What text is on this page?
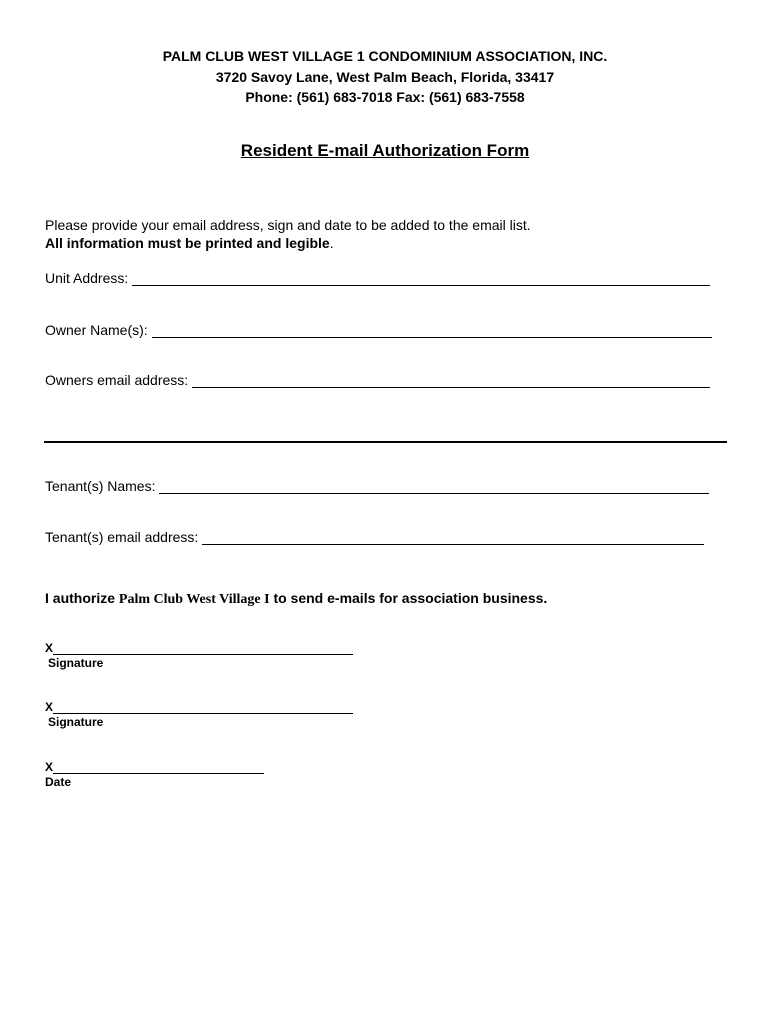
PALM CLUB WEST VILLAGE 1 CONDOMINIUM ASSOCIATION, INC.
3720 Savoy Lane, West Palm Beach, Florida, 33417
Phone: (561) 683-7018 Fax: (561) 683-7558
Resident E-mail Authorization Form
Please provide your email address, sign and date to be added to the email list.
All information must be printed and legible.
Unit Address:
Owner Name(s):
Owners email address:
Tenant(s) Names:
Tenant(s) email address:
I authorize Palm Club West Village I to send e-mails for association business.
X
Signature
X
Signature
X
Date
